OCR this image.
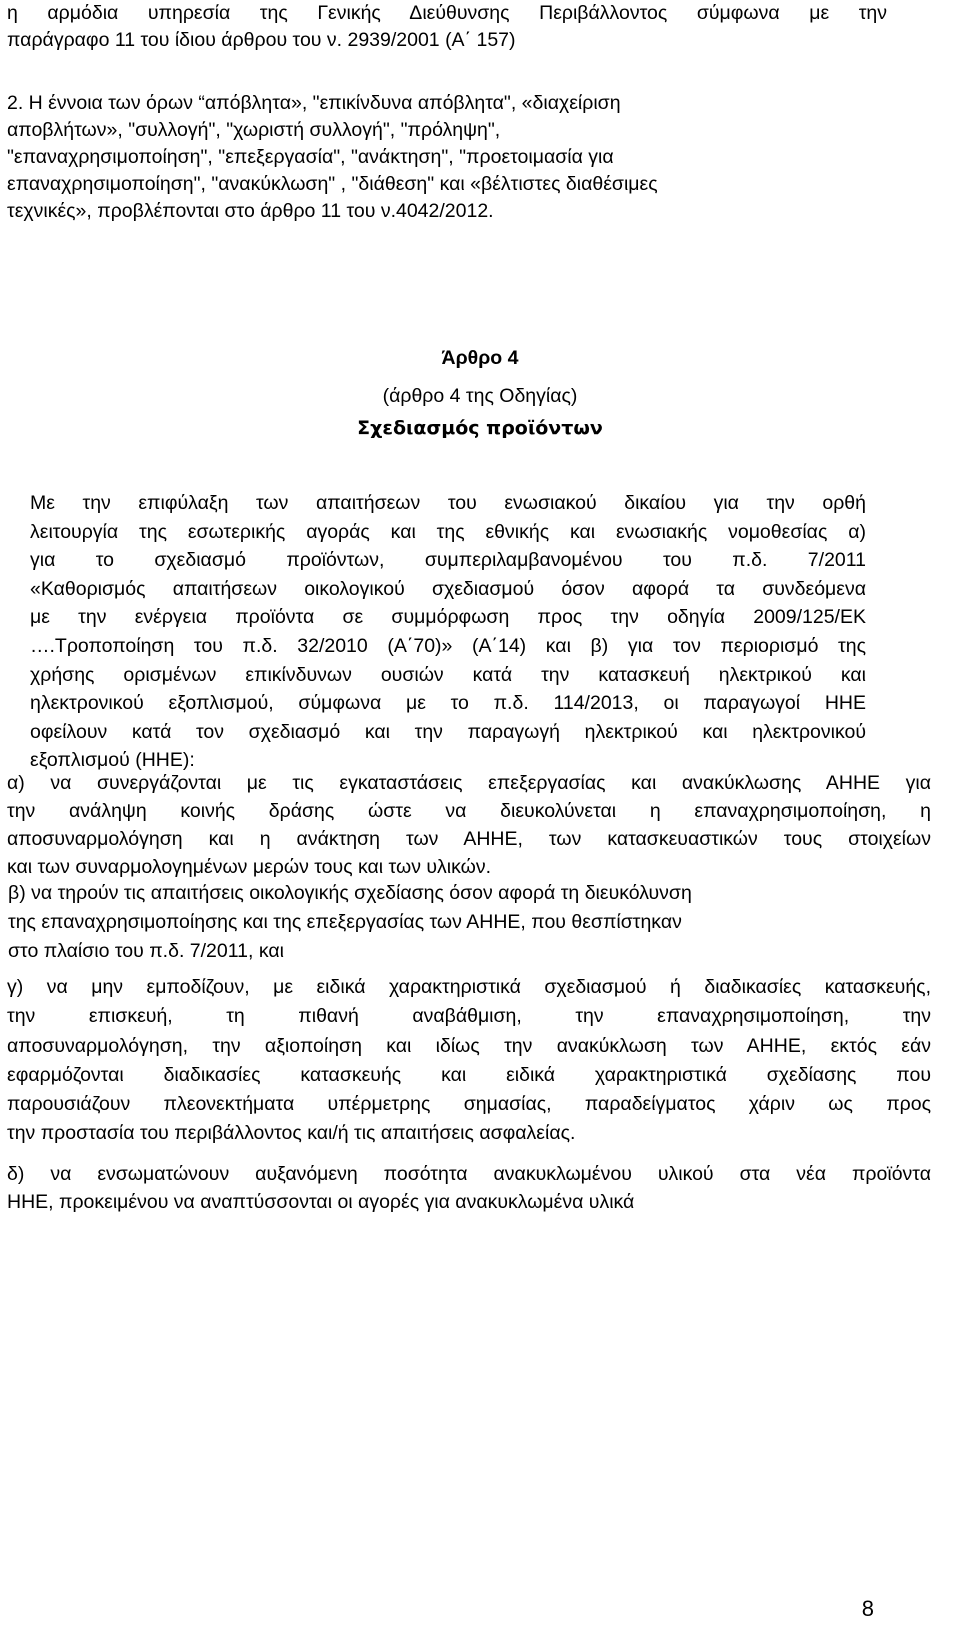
η αρμόδια υπηρεσία της Γενικής Διεύθυνσης Περιβάλλοντος σύμφωνα με την
παράγραφο 11 του ίδιου άρθρου του ν. 2939/2001 (Α΄ 157)
2. Η έννοια των όρων “απόβλητα», "επικίνδυνα απόβλητα", «διαχείριση
αποβλήτων», "συλλογή", "χωριστή συλλογή", "πρόληψη",
"επαναχρησιμοποίηση", "επεξεργασία", "ανάκτηση", "προετοιμασία για
επαναχρησιμοποίηση", "ανακύκλωση" , "διάθεση" και «βέλτιστες διαθέσιμες
τεχνικές», προβλέπονται στο άρθρο 11 του ν.4042/2012.
Άρθρο 4
(άρθρο 4 της Οδηγίας)
Σχεδιασμός προϊόντων
Με την επιφύλαξη των απαιτήσεων του ενωσιακού δικαίου για την ορθή
λειτουργία της εσωτερικής αγοράς και της εθνικής και ενωσιακής νομοθεσίας α)
για το σχεδιασμό προϊόντων, συμπεριλαμβανομένου του π.δ. 7/2011
«Καθορισμός απαιτήσεων οικολογικού σχεδιασμού όσον αφορά τα συνδεόμενα
με την ενέργεια προϊόντα σε συμμόρφωση προς την οδηγία 2009/125/ΕΚ
….Τροποποίηση του π.δ. 32/2010 (Α΄70)» (Α΄14) και β) για τον περιορισμό της
χρήσης ορισμένων επικίνδυνων ουσιών κατά την κατασκευή ηλεκτρικού και
ηλεκτρονικού εξοπλισμού, σύμφωνα με το π.δ. 114/2013, οι παραγωγοί ΗΗΕ
οφείλουν κατά τον σχεδιασμό και την παραγωγή ηλεκτρικού και ηλεκτρονικού
εξοπλισμού (ΗΗΕ):
α) να συνεργάζονται με τις εγκαταστάσεις επεξεργασίας και ανακύκλωσης ΑΗΗΕ για
την ανάληψη κοινής δράσης ώστε να διευκολύνεται η επαναχρησιμοποίηση, η
αποσυναρμολόγηση και η ανάκτηση των ΑΗΗΕ, των κατασκευαστικών τους στοιχείων
και των συναρμολογημένων μερών τους και των υλικών.
β) να τηρούν τις απαιτήσεις οικολογικής σχεδίασης όσον αφορά τη διευκόλυνση
της επαναχρησιμοποίησης και της επεξεργασίας των ΑΗΗΕ, που θεσπίστηκαν
στο πλαίσιο του π.δ. 7/2011, και
γ) να μην εμποδίζουν, με ειδικά χαρακτηριστικά σχεδιασμού ή διαδικασίες κατασκευής,
την επισκευή, τη πιθανή αναβάθμιση, την επαναχρησιμοποίηση, την
αποσυναρμολόγηση, την αξιοποίηση και ιδίως την ανακύκλωση των ΑΗΗΕ, εκτός εάν
εφαρμόζονται διαδικασίες κατασκευής και ειδικά χαρακτηριστικά σχεδίασης που
παρουσιάζουν πλεονεκτήματα υπέρμετρης σημασίας, παραδείγματος χάριν ως προς
την προστασία του περιβάλλοντος και/ή τις απαιτήσεις ασφαλείας.
δ) να ενσωματώνουν αυξανόμενη ποσότητα ανακυκλωμένου υλικού στα νέα προϊόντα
ΗΗΕ, προκειμένου να αναπτύσσονται οι αγορές για ανακυκλωμένα υλικά
8
